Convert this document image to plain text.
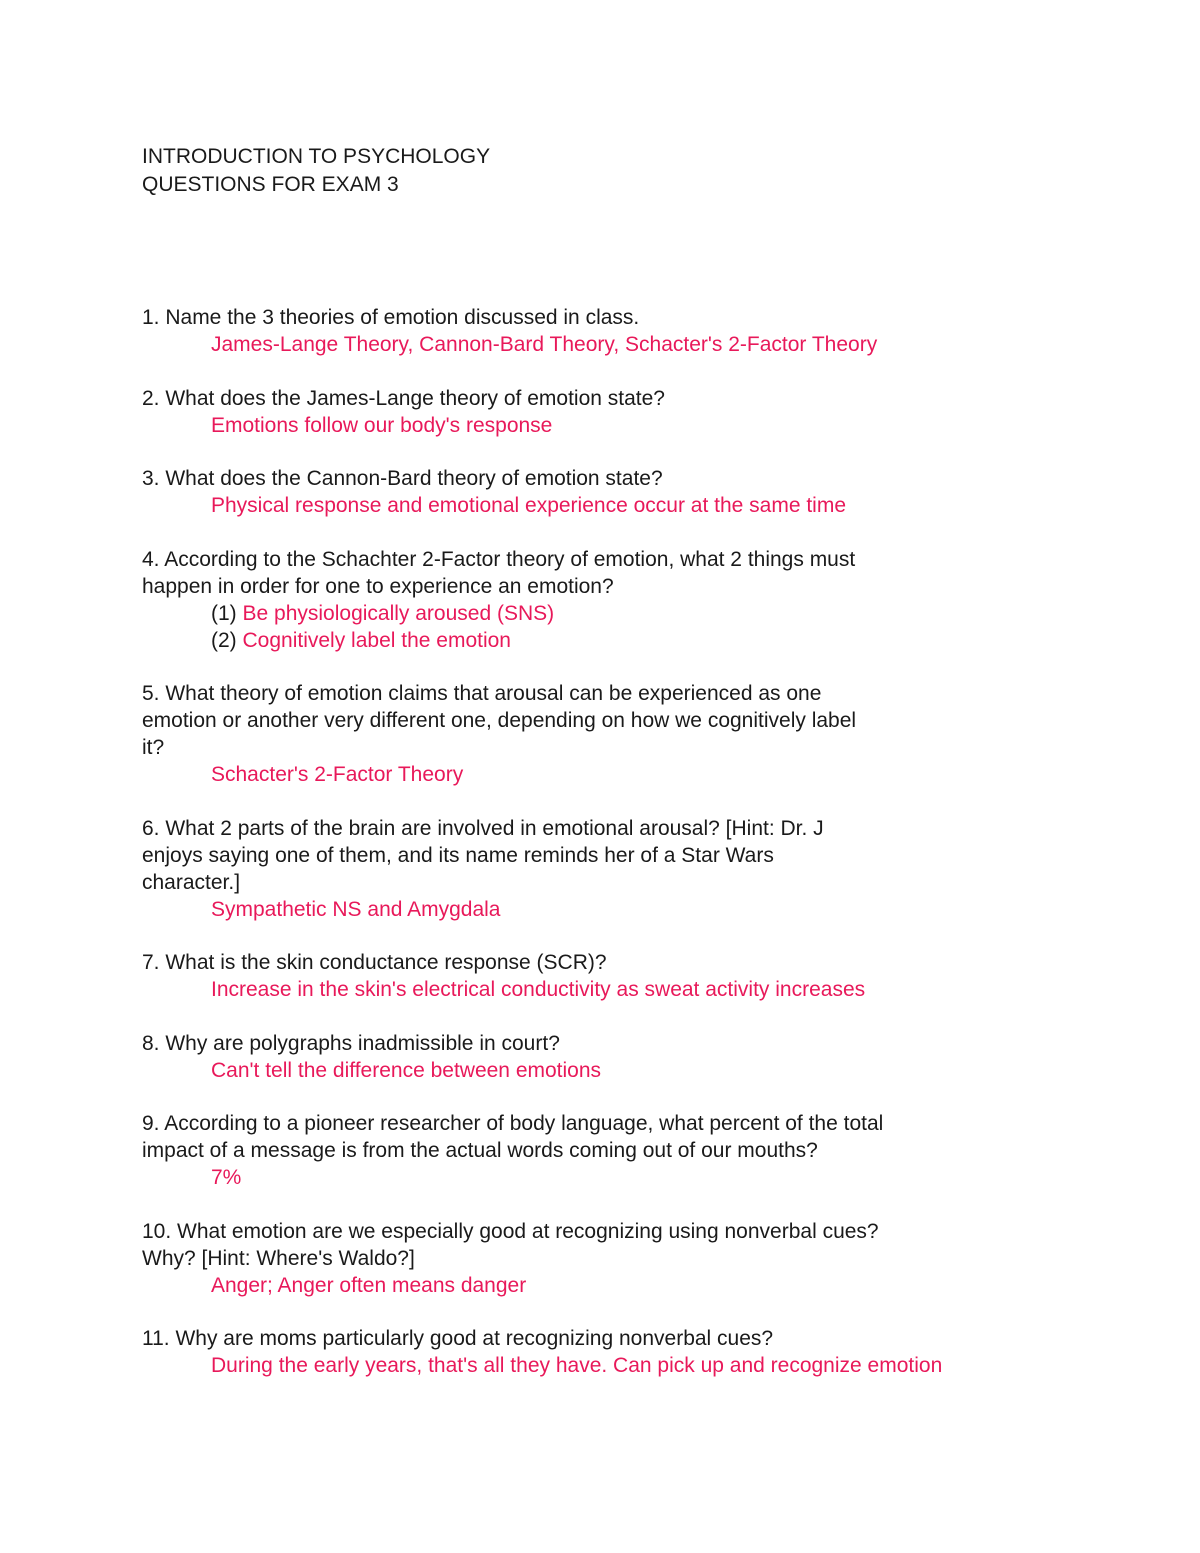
INTRODUCTION TO PSYCHOLOGY
QUESTIONS FOR EXAM 3
1. Name the 3 theories of emotion discussed in class.
James-Lange Theory, Cannon-Bard Theory, Schacter's 2-Factor Theory
2. What does the James-Lange theory of emotion state?
Emotions follow our body's response
3. What does the Cannon-Bard theory of emotion state?
Physical response and emotional experience occur at the same time
4. According to the Schachter 2-Factor theory of emotion, what 2 things must
happen in order for one to experience an emotion?
(1) Be physiologically aroused (SNS)
(2) Cognitively label the emotion
5. What theory of emotion claims that arousal can be experienced as one
emotion or another very different one, depending on how we cognitively label
it?
Schacter's 2-Factor Theory
6. What 2 parts of the brain are involved in emotional arousal? [Hint: Dr. J
enjoys saying one of them, and its name reminds her of a Star Wars
character.]
Sympathetic NS and Amygdala
7. What is the skin conductance response (SCR)?
Increase in the skin's electrical conductivity as sweat activity increases
8. Why are polygraphs inadmissible in court?
Can't tell the difference between emotions
9. According to a pioneer researcher of body language, what percent of the total
impact of a message is from the actual words coming out of our mouths?
7%
10. What emotion are we especially good at recognizing using nonverbal cues?
Why? [Hint: Where's Waldo?]
Anger; Anger often means danger
11. Why are moms particularly good at recognizing nonverbal cues?
During the early years, that's all they have. Can pick up and recognize emotion
